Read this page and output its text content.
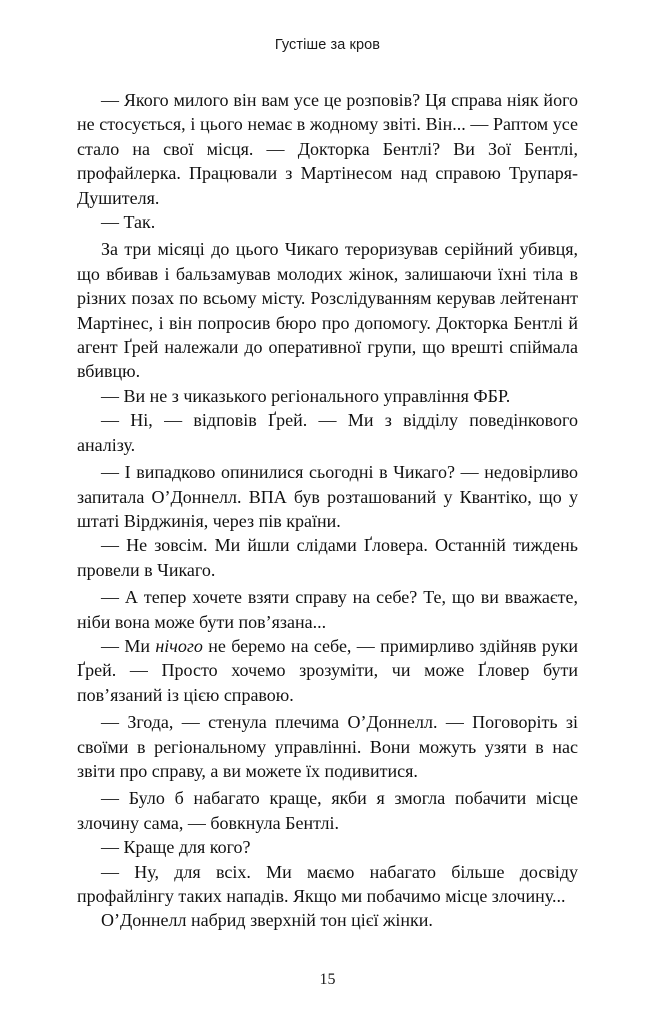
Густіше за кров

— Якого милого він вам усе це розповів? Ця справа ніяк його не стосується, і цього немає в жодному звіті. Він... — Раптом усе стало на свої місця. — Докторка Бентлі? Ви Зої Бентлі, профайлерка. Працювали з Мартінесом над справою Трупаря-Душителя.

— Так.

За три місяці до цього Чикаго тероризував серійний убивця, що вбивав і бальзамував молодих жінок, залишаючи їхні тіла в різних позах по всьому місту. Розслідуванням керував лейтенант Мартінес, і він попросив бюро про допомогу. Докторка Бентлі й агент Ґрей належали до оперативної групи, що врешті спіймала вбивцю.

— Ви не з чиказького регіонального управління ФБР.

— Ні, — відповів Ґрей. — Ми з відділу поведінкового аналізу.

— І випадково опинилися сьогодні в Чикаго? — недовірливо запитала О’Доннелл. ВПА був розташований у Квантіко, що у штаті Вірджинія, через пів країни.

— Не зовсім. Ми йшли слідами Ґловера. Останній тиждень провели в Чикаго.

— А тепер хочете взяти справу на себе? Те, що ви вважаєте, ніби вона може бути пов’язана...

— Ми нічого не беремо на себе, — примирливо здійняв руки Ґрей. — Просто хочемо зрозуміти, чи може Ґловер бути пов’язаний із цією справою.

— Згода, — стенула плечима О’Доннелл. — Поговоріть зі своїми в регіональному управлінні. Вони можуть узяти в нас звіти про справу, а ви можете їх подивитися.

— Було б набагато краще, якби я змогла побачити місце злочину сама, — бовкнула Бентлі.

— Краще для кого?

— Ну, для всіх. Ми маємо набагато більше досвіду профайлінгу таких нападів. Якщо ми побачимо місце злочину...

О’Доннелл набрид зверхній тон цієї жінки.

15
